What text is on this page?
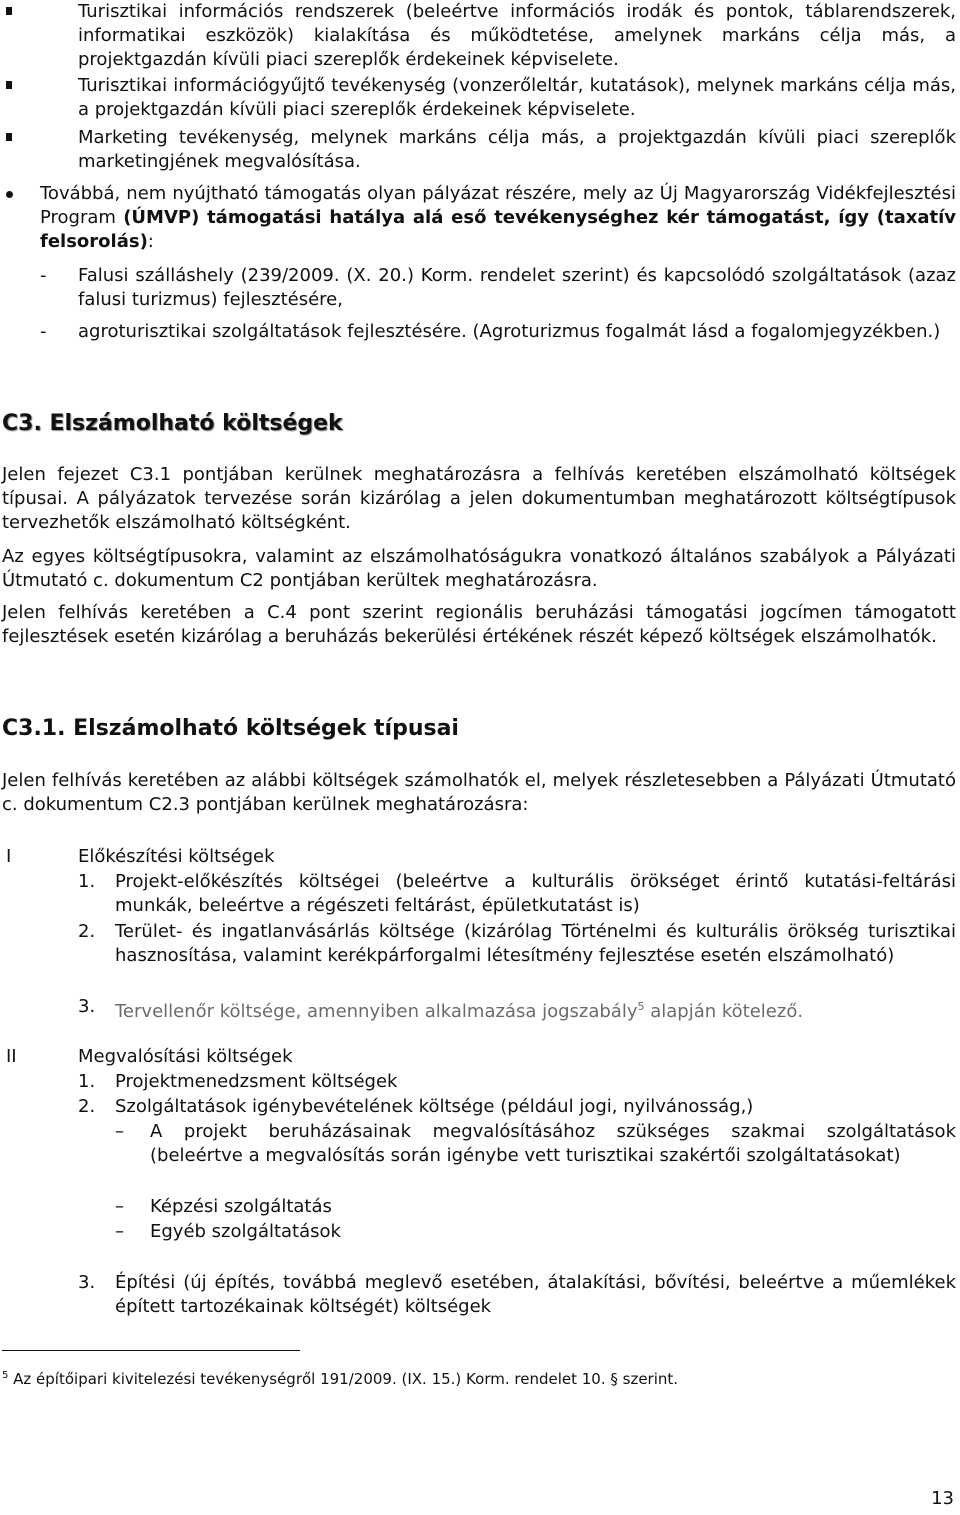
Turisztikai információs rendszerek (beleértve információs irodák és pontok, táblarendszerek, informatikai eszközök) kialakítása és működtetése, amelynek markáns célja más, a projektgazdán kívüli piaci szereplők érdekeinek képviselete.
Turisztikai információgyűjtő tevékenység (vonzerőleltár, kutatások), melynek markáns célja más, a projektgazdán kívüli piaci szereplők érdekeinek képviselete.
Marketing tevékenység, melynek markáns célja más, a projektgazdán kívüli piaci szereplők marketingjének megvalósítása.
Továbbá, nem nyújtható támogatás olyan pályázat részére, mely az Új Magyarország Vidékfejlesztési Program (ÚMVP) támogatási hatálya alá eső tevékenységhez kér támogatást, így (taxatív felsorolás):
- Falusi szálláshely (239/2009. (X. 20.) Korm. rendelet szerint) és kapcsolódó szolgáltatások (azaz falusi turizmus) fejlesztésére,
- agroturisztikai szolgáltatások fejlesztésére. (Agroturizmus fogalmát lásd a fogalomjegyzékben.)
C3. Elszámolható költségek
Jelen fejezet C3.1 pontjában kerülnek meghatározásra a felhívás keretében elszámolható költségek típusai. A pályázatok tervezése során kizárólag a jelen dokumentumban meghatározott költségtípusok tervezhetők elszámolható költségként.
Az egyes költségtípusokra, valamint az elszámolhatóságukra vonatkozó általános szabályok a Pályázati Útmutató c. dokumentum C2 pontjában kerültek meghatározásra.
Jelen felhívás keretében a C.4 pont szerint regionális beruházási támogatási jogcímen támogatott fejlesztések esetén kizárólag a beruházás bekerülési értékének részét képező költségek elszámolhatók.
C3.1. Elszámolható költségek típusai
Jelen felhívás keretében az alábbi költségek számolhatók el, melyek részletesebben a Pályázati Útmutató c. dokumentum C2.3 pontjában kerülnek meghatározásra:
I	Előkészítési költségek
1. Projekt-előkészítés költségei (beleértve a kulturális örökséget érintő kutatási-feltárási munkák, beleértve a régészeti feltárást, épületkutatást is)
2. Terület- és ingatlanvásárlás költsége (kizárólag Történelmi és kulturális örökség turisztikai hasznosítása, valamint kerékpárforgalmi létesítmény fejlesztése esetén elszámolható)
3. Tervellenőr költsége, amennyiben alkalmazása jogszabály$^5$ alapján kötelező.
II	Megvalósítási költségek
1. Projektmenedzsment költségek
2. Szolgáltatások igénybevételének költsége (például jogi, nyilvánosság,)
– A projekt beruházásainak megvalósításához szükséges szakmai szolgáltatások (beleértve a megvalósítás során igénybe vett turisztikai szakértői szolgáltatásokat)
– Képzési szolgáltatás
– Egyéb szolgáltatások
3. Építési (új építés, továbbá meglevő esetében, átalakítási, bővítési, beleértve a műemlékek épített tartozékainak költségét) költségek
$^5$ Az építőipari kivitelezési tevékenységről 191/2009. (IX. 15.) Korm. rendelet 10. § szerint.
13
